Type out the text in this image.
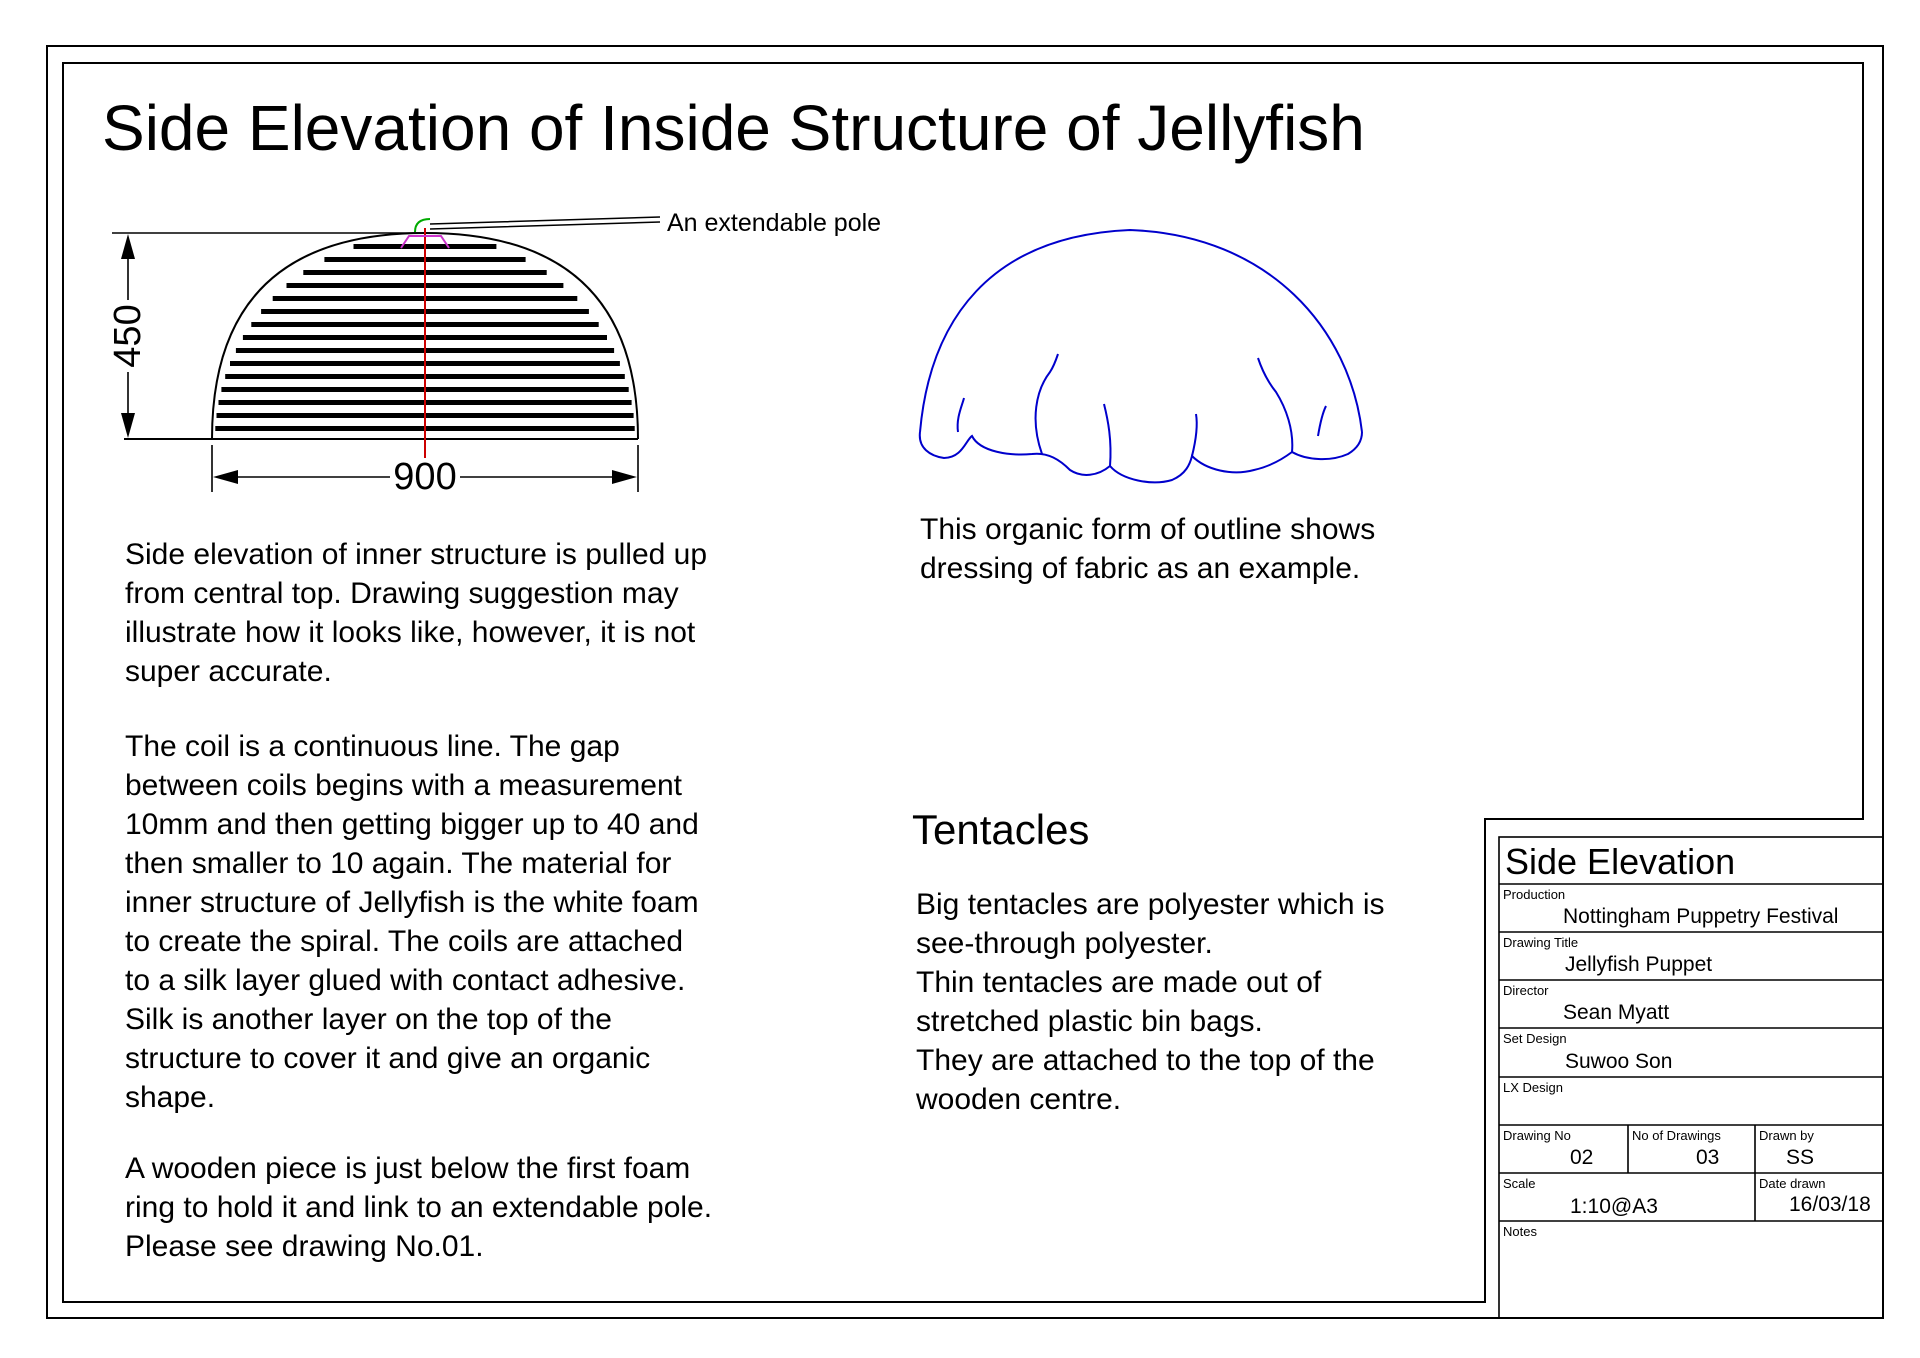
Side Elevation of Inside Structure of Jellyfish
450
900
An extendable pole
Side elevation of inner structure is pulled up
from central top. Drawing suggestion may
illustrate how it looks like, however, it is not
super accurate.
The coil is a continuous line. The gap
between coils begins with a measurement
10mm and then getting bigger up to 40 and
then smaller to 10 again. The material for
inner structure of Jellyfish is the white foam
to create the spiral. The coils are attached
to a silk layer glued with contact adhesive.
Silk is another layer on the top of the
structure to cover it and give an organic
shape.
A wooden piece is just below the first foam
ring to hold it and link to an extendable pole.
Please see drawing No.01.
This organic form of outline shows
dressing of fabric as an example.
Tentacles
Big tentacles are polyester which is
see-through polyester.
Thin tentacles are made out of
stretched plastic bin bags.
They are attached to the top of the
wooden centre.
Side Elevation
Production
Nottingham Puppetry Festival
Drawing Title
Jellyfish Puppet
Director
Sean Myatt
Set Design
Suwoo Son
LX Design
Drawing No
02
No of Drawings
03
Drawn by
SS
Scale
1:10@A3
Date drawn
16/03/18
Notes
